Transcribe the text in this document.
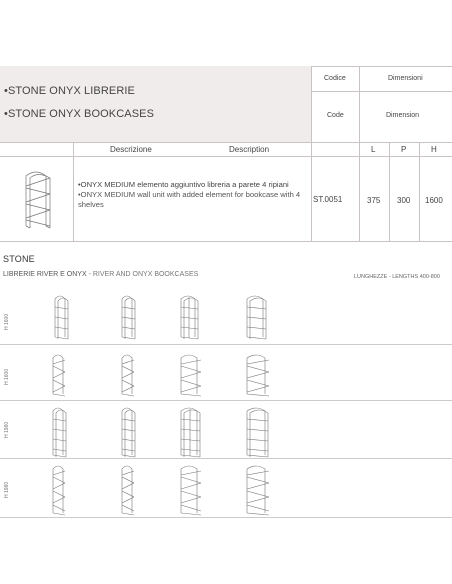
•STONE ONYX LIBRERIE
•STONE ONYX BOOKCASES
Codice
Code
Dimensioni
Dimension
Descrizione	Description	L	P	H
•ONYX MEDIUM elemento aggiuntivo libreria a parete 4 ripiani
•ONYX MEDIUM wall unit with added element for bookcase with 4 shelves
ST.0051	375 300 1600
STONE
LIBRERIE RIVER E ONYX - RIVER AND ONYX BOOKCASES	LUNGHEZZE - LENGTHS 400-800
H 1600
H 1600
H 1980
H 1980
